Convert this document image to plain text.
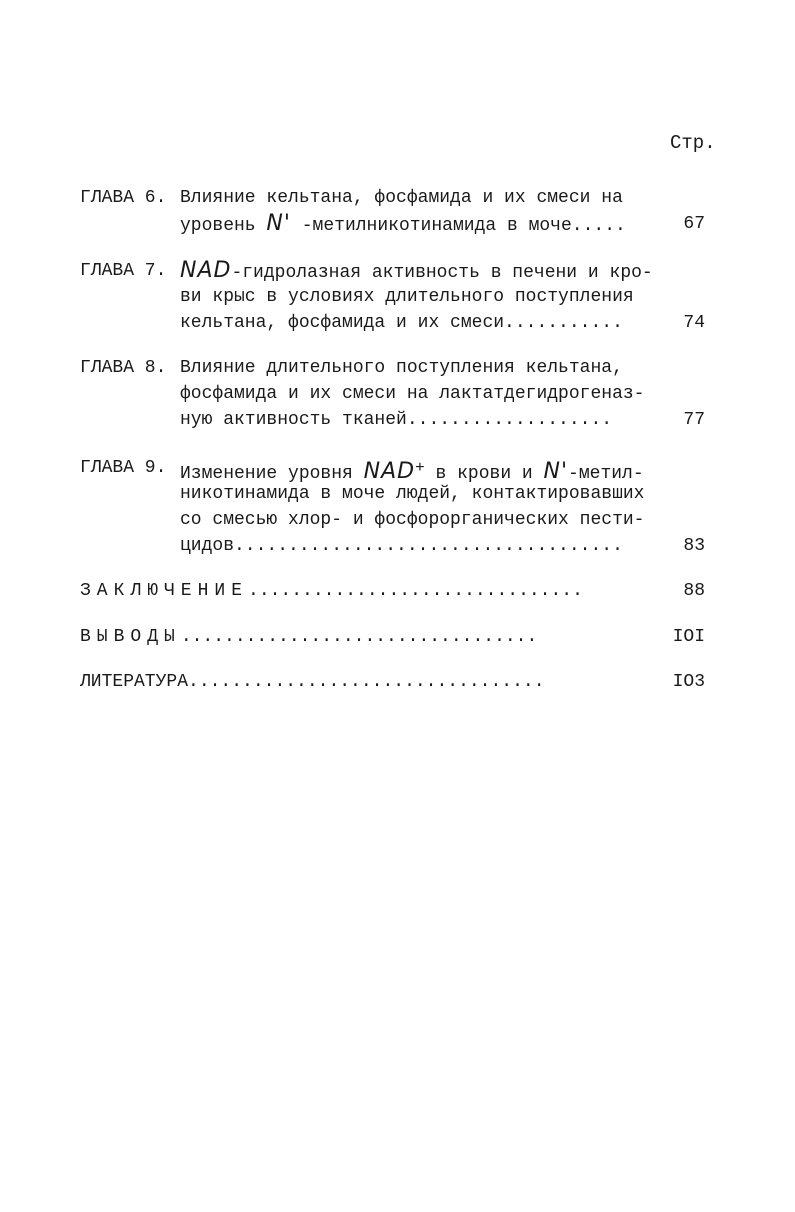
Стр.
ГЛАВА 6. Влияние кельтана, фосфамида и их смеси на
уровень N' -метилникотинамида в моче.....	67
ГЛАВА 7. NAD-гидролазная активность в печени и кро-
ви крыс в условиях длительного поступления
кельтана, фосфамида и их смеси...........	74
ГЛАВА 8. Влияние длительного поступления кельтана,
фосфамида и их смеси на лактатдегидрогеназ-
ную активность тканей...................	77
ГЛАВА 9. Изменение уровня NAD+ в крови и N'-метил-
никотинамида в моче людей, контактировавших
со смесью хлор- и фосфорорганических пести-
цидов....................................	83
ЗАКЛЮЧЕНИЕ...............................	88
ВЫВОДЫ.................................	IOI
ЛИТЕРАТУРА.................................	IO3
